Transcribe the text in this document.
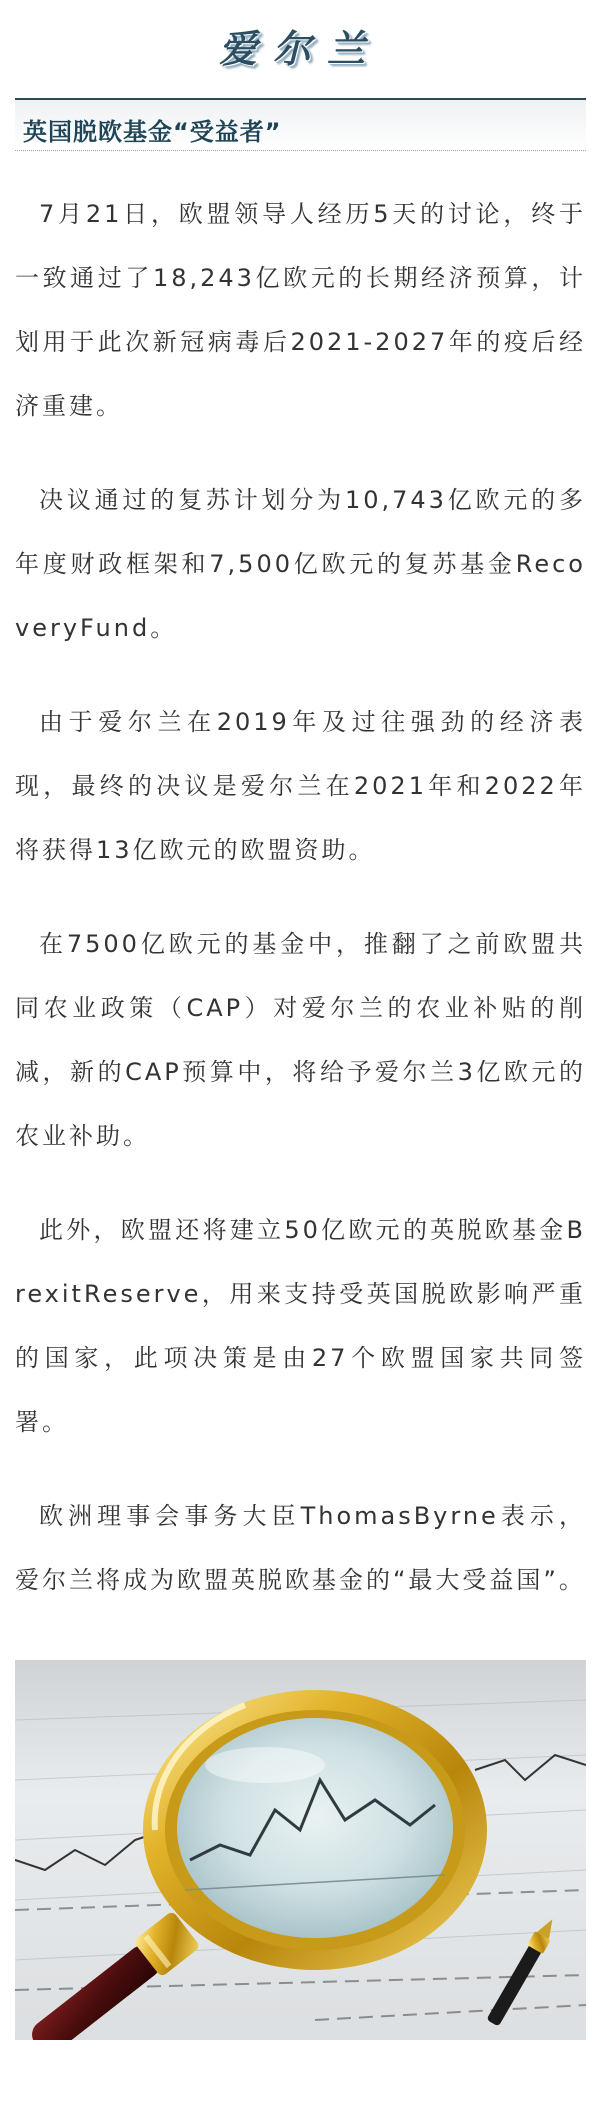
爱尔兰
英国脱欧基金“受益者”

7月21日，欧盟领导人经历5天的讨论，终于一致通过了18,243亿欧元的长期经济预算，计划用于此次新冠病毒后2021-2027年的疫后经济重建。

决议通过的复苏计划分为10,743亿欧元的多年度财政框架和7,500亿欧元的复苏基金RecoveryFund。

由于爱尔兰在2019年及过往强劲的经济表现，最终的决议是爱尔兰在2021年和2022年将获得13亿欧元的欧盟资助。

在7500亿欧元的基金中，推翻了之前欧盟共同农业政策（CAP）对爱尔兰的农业补贴的削减，新的CAP预算中，将给予爱尔兰3亿欧元的农业补助。

此外，欧盟还将建立50亿欧元的英脱欧基金BrexitReserve，用来支持受英国脱欧影响严重的国家，此项决策是由27个欧盟国家共同签署。

欧洲理事会事务大臣ThomasByrne表示，爱尔兰将成为欧盟英脱欧基金的“最大受益国”。
